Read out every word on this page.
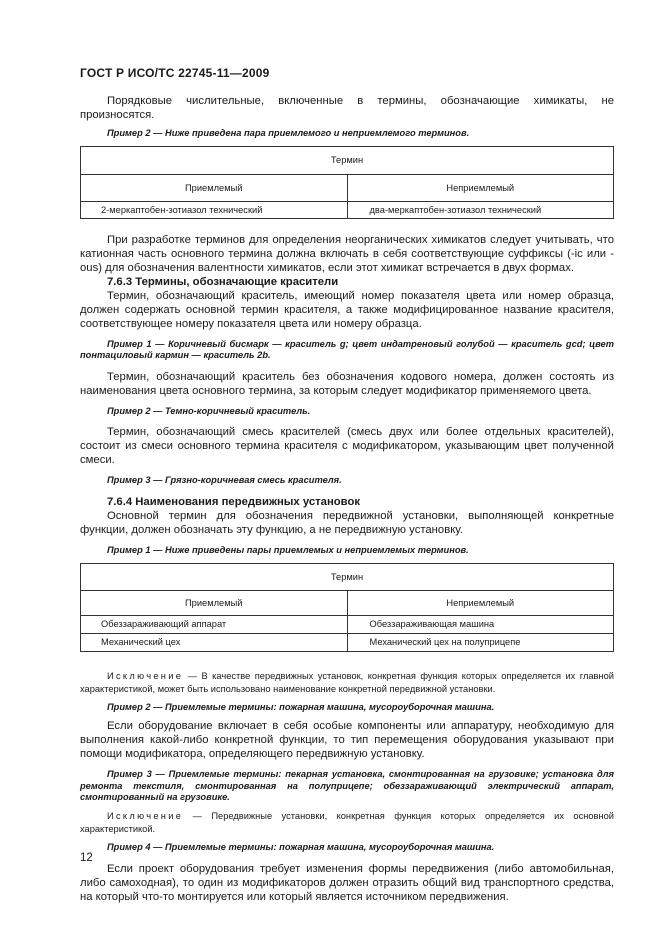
ГОСТ Р ИСО/ТС 22745-11—2009

Порядковые числительные, включенные в термины, обозначающие химикаты, не произносятся.

Пример 2 — Ниже приведена пара приемлемого и неприемлемого терминов.

Термин	
Приемлемый	Неприемлемый
2-меркаптобен-зотиазол технический	два-меркаптобен-зотиазол технический

При разработке терминов для определения неорганических химикатов следует учитывать, что катионная часть основного термина должна включать в себя соответствующие суффиксы (-ic или -ous) для обозначения валентности химикатов, если этот химикат встречается в двух формах.

7.6.3 Термины, обозначающие красители

Термин, обозначающий краситель, имеющий номер показателя цвета или номер образца, должен содержать основной термин красителя, а также модифицированное название красителя, соответствующее номеру показателя цвета или номеру образца.

Пример 1 — Коричневый бисмарк — краситель g; цвет индатреновый голубой — краситель gcd; цвет понтациловый кармин — краситель 2b.

Термин, обозначающий краситель без обозначения кодового номера, должен состоять из наименования цвета основного термина, за которым следует модификатор применяемого цвета.

Пример 2 — Темно-коричневый краситель.

Термин, обозначающий смесь красителей (смесь двух или более отдельных красителей), состоит из смеси основного термина красителя с модификатором, указывающим цвет полученной смеси.

Пример 3 — Грязно-коричневая смесь красителя.

7.6.4 Наименования передвижных установок

Основной термин для обозначения передвижной установки, выполняющей конкретные функции, должен обозначать эту функцию, а не передвижную установку.

Пример 1 — Ниже приведены пары приемлемых и неприемлемых терминов.

Термин	
Приемлемый	Неприемлемый
Обеззараживающий аппарат	Обеззараживающая машина
Механический цех	Механический цех на полуприцепе

Исключение — В качестве передвижных установок, конкретная функция которых определяется их главной характеристикой, может быть использовано наименование конкретной передвижной установки.

Пример 2 — Приемлемые термины: пожарная машина, мусороуборочная машина.

Если оборудование включает в себя особые компоненты или аппаратуру, необходимую для выполнения какой-либо конкретной функции, то тип перемещения оборудования указывают при помощи модификатора, определяющего передвижную установку.

Пример 3 — Приемлемые термины: пекарная установка, смонтированная на грузовике; установка для ремонта текстиля, смонтированная на полуприцепе; обеззараживающий электрический аппарат, смонтированный на грузовике.

Исключение — Передвижные установки, конкретная функция которых определяется их основной характеристикой.

Пример 4 — Приемлемые термины: пожарная машина, мусороуборочная машина.

Если проект оборудования требует изменения формы передвижения (либо автомобильная, либо самоходная), то один из модификаторов должен отразить общий вид транспортного средства, на который что-то монтируется или который является источником передвижения.

12
